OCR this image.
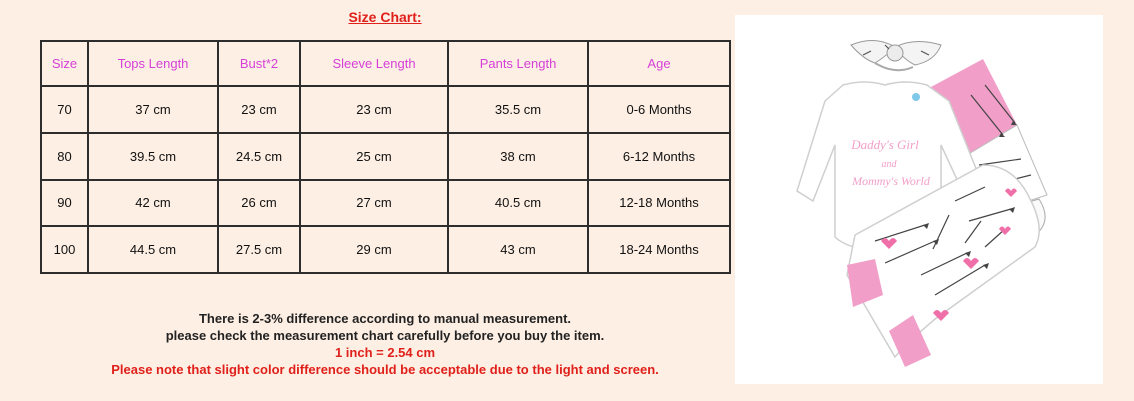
Size Chart:
Size	Tops Length	Bust*2	Sleeve Length	Pants Length	Age
70	37 cm	23 cm	23 cm	35.5 cm	0-6 Months
80	39.5 cm	24.5 cm	25 cm	38 cm	6-12 Months
90	42 cm	26 cm	27 cm	40.5 cm	12-18 Months
100	44.5 cm	27.5 cm	29 cm	43 cm	18-24 Months
There is 2-3% difference according to manual measurement.
please check the measurement chart carefully before you buy the item.
1 inch = 2.54 cm
Please note that slight color difference should be acceptable due to the light and screen.
Daddy's Girl
and
Mommy's World
